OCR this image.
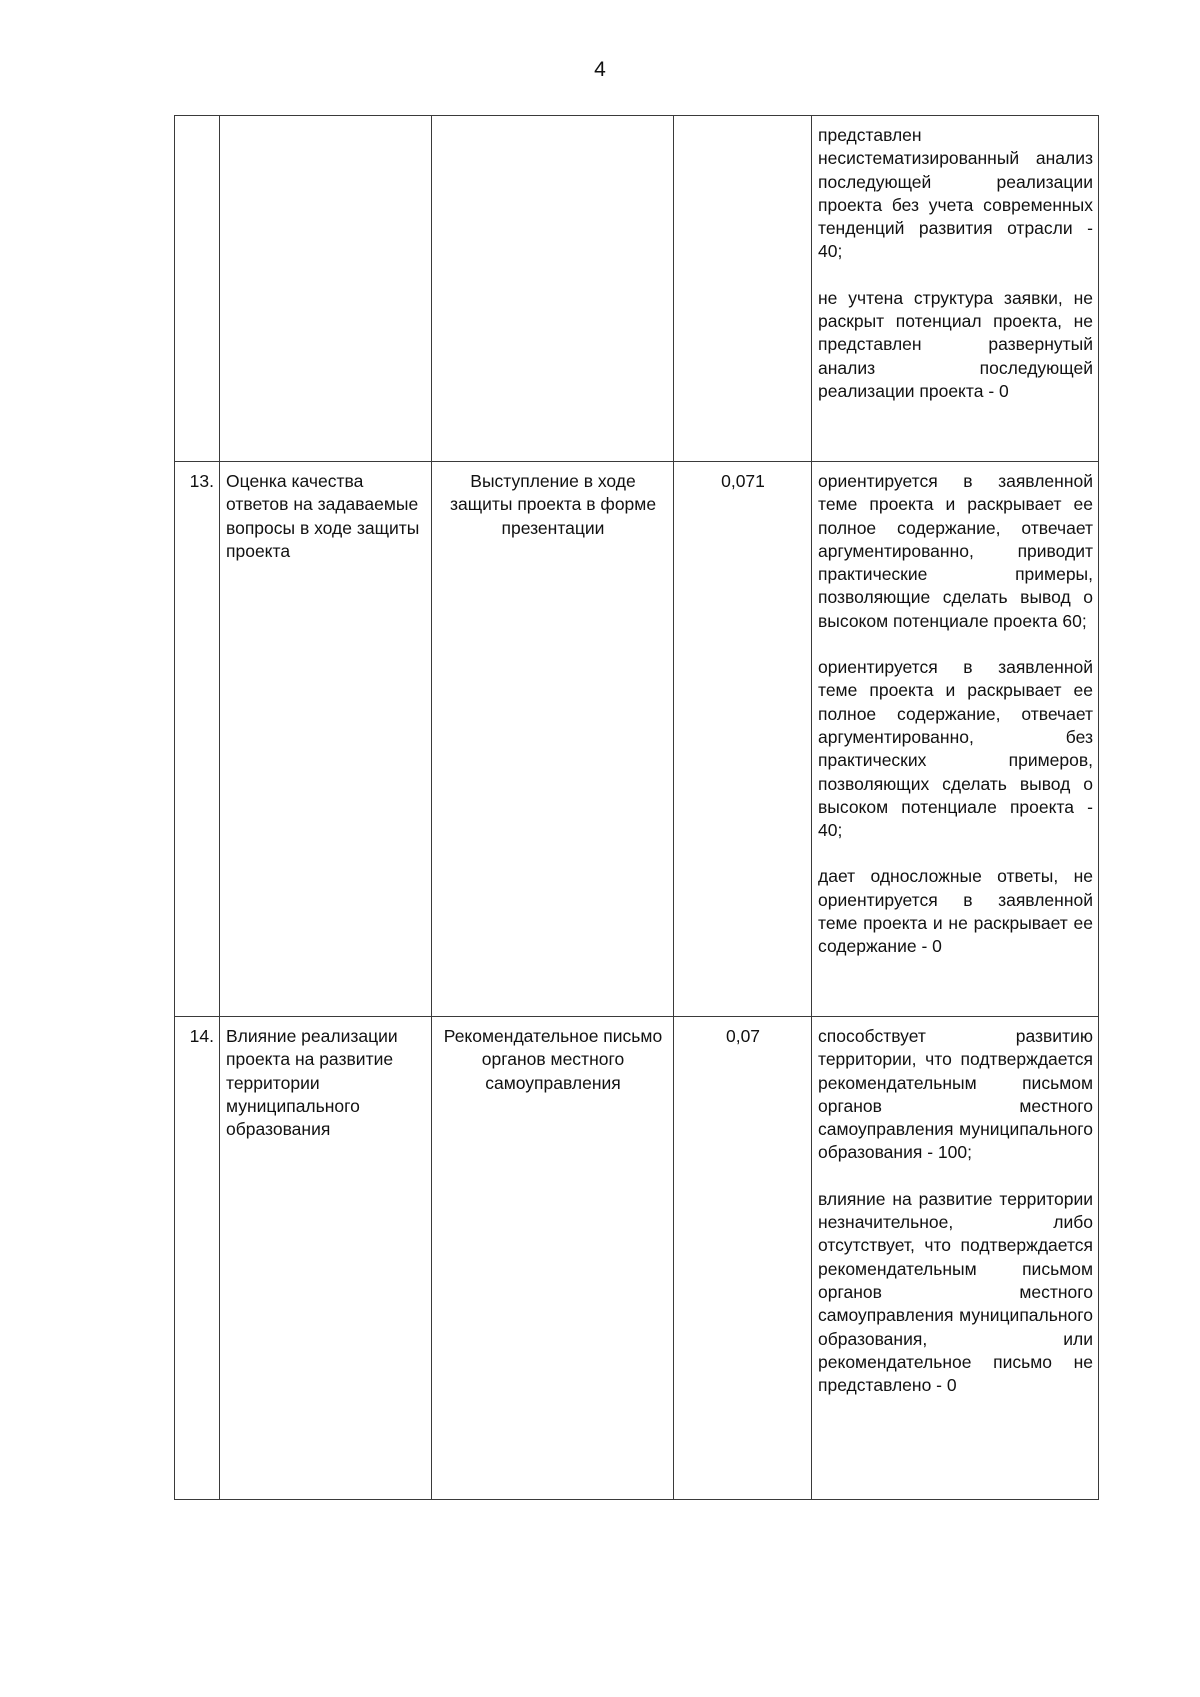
4

				представлен несистематизированный анализ последующей реализации проекта без учета современных тенденций развития отрасли - 40;

не учтена структура заявки, не раскрыт потенциал проекта, не представлен развернутый анализ последующей реализации проекта - 0

13.	Оценка качества ответов на задаваемые вопросы в ходе защиты проекта	Выступление в ходе защиты проекта в форме презентации	0,071	ориентируется в заявленной теме проекта и раскрывает ее полное содержание, отвечает аргументированно, приводит практические примеры, позволяющие сделать вывод о высоком потенциале проекта 60;

ориентируется в заявленной теме проекта и раскрывает ее полное содержание, отвечает аргументированно, без практических примеров, позволяющих сделать вывод о высоком потенциале проекта - 40;

дает односложные ответы, не ориентируется в заявленной теме проекта и не раскрывает ее содержание - 0

14.	Влияние реализации проекта на развитие территории муниципального образования	Рекомендательное письмо органов местного самоуправления	0,07	способствует развитию территории, что подтверждается рекомендательным письмом органов местного самоуправления муниципального образования - 100;

влияние на развитие территории незначительное, либо отсутствует, что подтверждается рекомендательным письмом органов местного самоуправления муниципального образования, или рекомендательное письмо не представлено - 0
